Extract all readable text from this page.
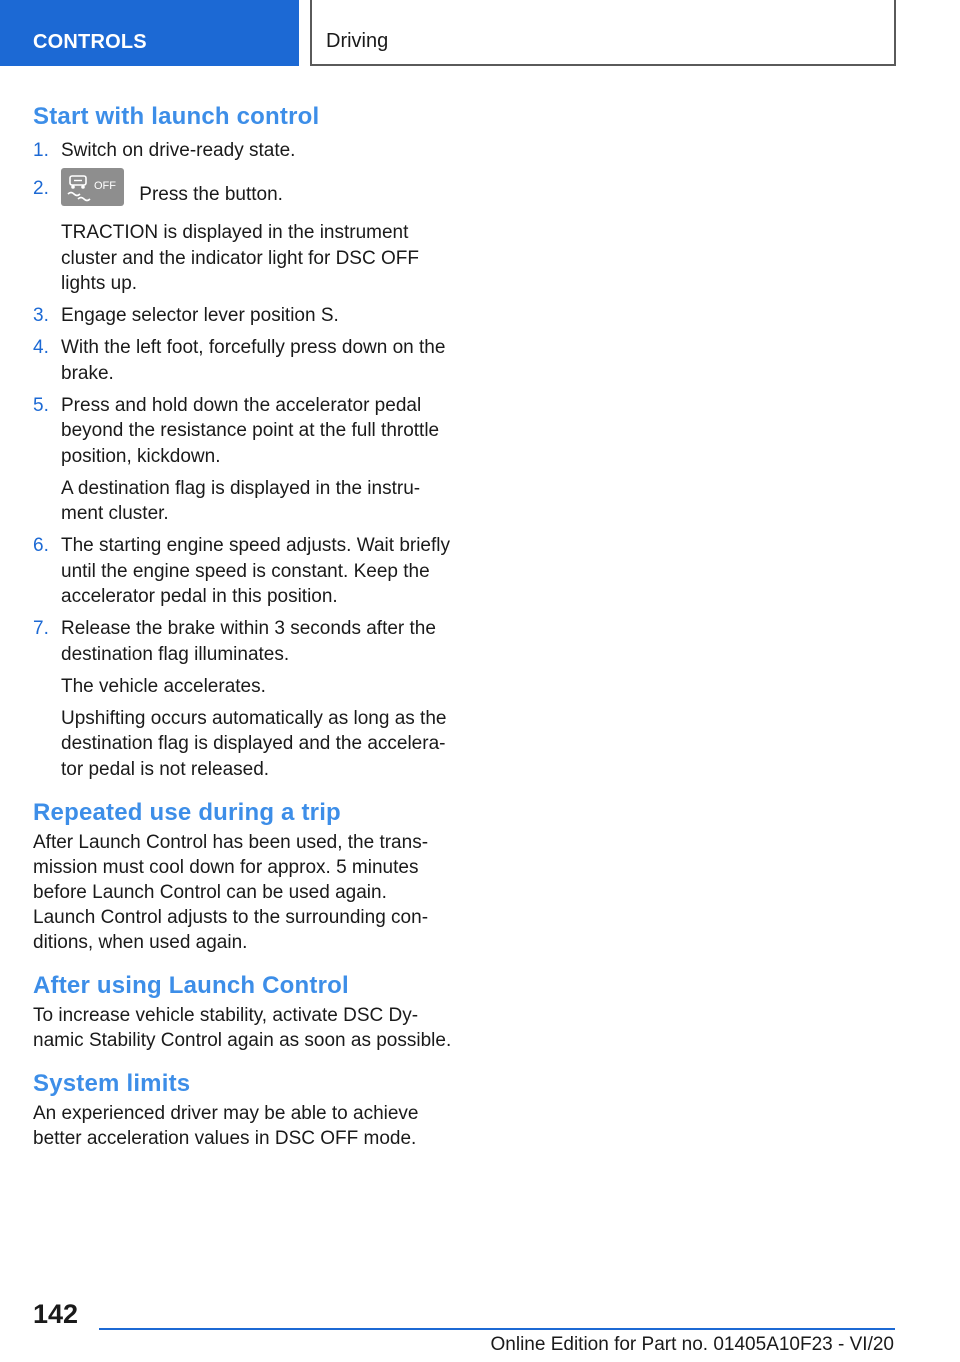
CONTROLS	Driving
Start with launch control
1. Switch on drive-ready state.
2.	OFF Press the button.
TRACTION is displayed in the instrument cluster and the indicator light for DSC OFF lights up.
3. Engage selector lever position S.
4. With the left foot, forcefully press down on the brake.
5. Press and hold down the accelerator pedal beyond the resistance point at the full throttle position, kickdown.
A destination flag is displayed in the instru-ment cluster.
6. The starting engine speed adjusts. Wait briefly until the engine speed is constant. Keep the accelerator pedal in this position.
7. Release the brake within 3 seconds after the destination flag illuminates.
The vehicle accelerates.
Upshifting occurs automatically as long as the destination flag is displayed and the accelera-tor pedal is not released.
Repeated use during a trip

After Launch Control has been used, the trans-mission must cool down for approx. 5 minutes before Launch Control can be used again. Launch Control adjusts to the surrounding con-ditions, when used again.

After using Launch Control

To increase vehicle stability, activate DSC Dy-namic Stability Control again as soon as possible.

System limits

An experienced driver may be able to achieve better acceleration values in DSC OFF mode.

142
Online Edition for Part no. 01405A10F23 - VI/20
